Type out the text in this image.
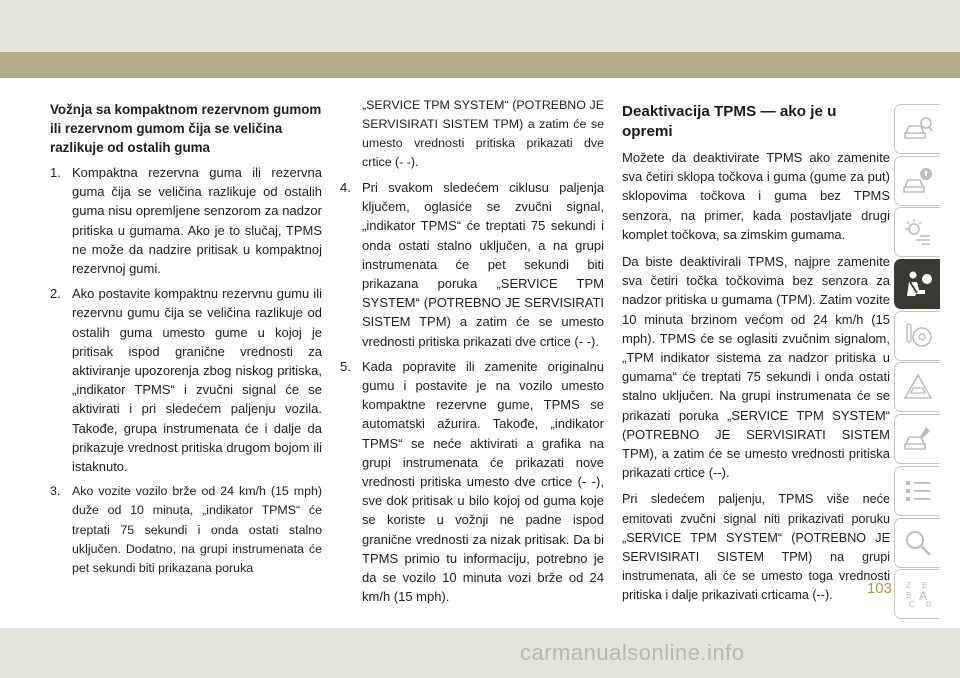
Vožnja sa kompaktnom rezervnom gumom ili rezervnom gumom čija se veličina razlikuje od ostalih guma
1. Kompaktna rezervna guma ili rezervna guma čija se veličina razlikuje od ostalih guma nisu opremljene senzorom za nadzor pritiska u gumama. Ako je to slučaj, TPMS ne može da nadzire pritisak u kompaktnoj rezervnoj gumi.
2. Ako postavite kompaktnu rezervnu gumu ili rezervnu gumu čija se veličina razlikuje od ostalih guma umesto gume u kojoj je pritisak ispod granične vrednosti za aktiviranje upozorenja zbog niskog pritiska, „indikator TPMS“ i zvučni signal će se aktivirati i pri sledećem paljenju vozila. Takođe, grupa instrumenata će i dalje da prikazuje vrednost pritiska drugom bojom ili istaknuto.
3. Ako vozite vozilo brže od 24 km/h (15 mph) duže od 10 minuta, „indikator TPMS“ će treptati 75 sekundi i onda ostati stalno uključen. Dodatno, na grupi instrumenata će pet sekundi biti prikazana poruka
„SERVICE TPM SYSTEM“ (POTREBNO JE SERVISIRATI SISTEM TPM) a zatim će se umesto vrednosti pritiska prikazati dve crtice (- -).
4. Pri svakom sledećem ciklusu paljenja ključem, oglasiće se zvučni signal, „indikator TPMS“ će treptati 75 sekundi i onda ostati stalno uključen, a na grupi instrumenata će pet sekundi biti prikazana poruka „SERVICE TPM SYSTEM“ (POTREBNO JE SERVISIRATI SISTEM TPM) a zatim će se umesto vrednosti pritiska prikazati dve crtice (- -).
5. Kada popravite ili zamenite originalnu gumu i postavite je na vozilo umesto kompaktne rezervne gume, TPMS se automatski ažurira. Takođe, „indikator TPMS“ se neće aktivirati a grafika na grupi instrumenata će prikazati nove vrednosti pritiska umesto dve crtice (- -), sve dok pritisak u bilo kojoj od guma koje se koriste u vožnji ne padne ispod granične vrednosti za nizak pritisak. Da bi TPMS primio tu informaciju, potrebno je da se vozilo 10 minuta vozi brže od 24 km/h (15 mph).
Deaktivacija TPMS — ako je u opremi
Možete da deaktivirate TPMS ako zamenite sva četiri sklopa točkova i guma (gume za put) sklopovima točkova i guma bez TPMS senzora, na primer, kada postavljate drugi komplet točkova, sa zimskim gumama.
Da biste deaktivirali TPMS, najpre zamenite sva četiri točka točkovima bez senzora za nadzor pritiska u gumama (TPM). Zatim vozite 10 minuta brzinom većom od 24 km/h (15 mph). TPMS će se oglasiti zvučnim signalom, „TPM indikator sistema za nadzor pritiska u gumama“ će treptati 75 sekundi i onda ostati stalno uključen. Na grupi instrumenata će se prikazati poruka „SERVICE TPM SYSTEM“ (POTREBNO JE SERVISIRATI SISTEM TPM), a zatim će se umesto vrednosti pritiska prikazati crtice (--).
Pri sledećem paljenju, TPMS više neće emitovati zvučni signal niti prikazivati poruku „SERVICE TPM SYSTEM“ (POTREBNO JE SERVISIRATI SISTEM TPM) na grupi instrumenata, ali će se umesto toga vrednosti pritiska i dalje prikazivati crticama (--).
Z E
B A
C D
103
carmanualsonline.info
